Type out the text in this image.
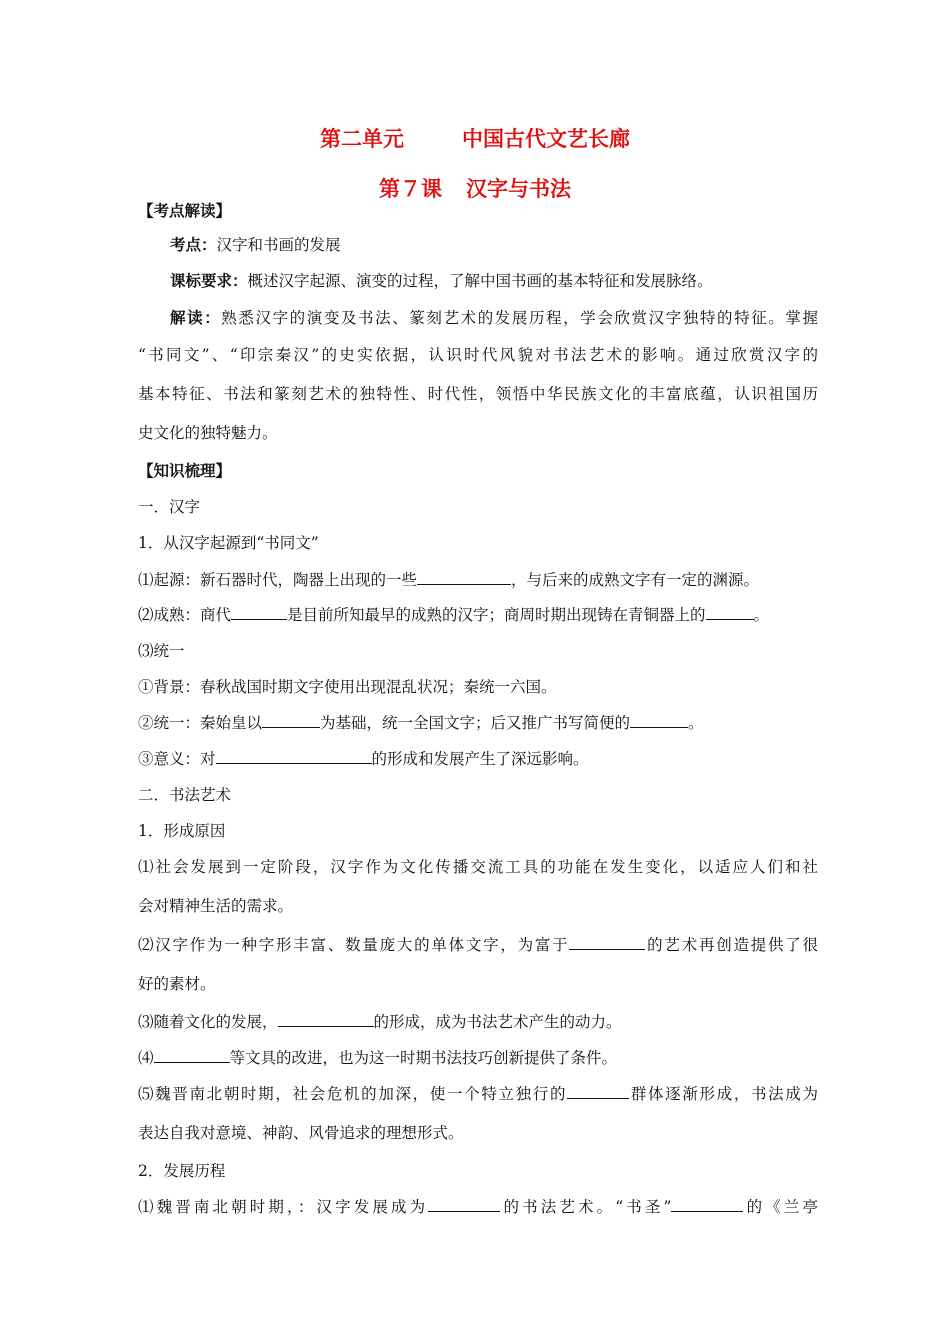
第二单元	中国古代文艺长廊
第７课 汉字与书法
【考点解读】
考点：汉字和书画的发展
课标要求：概述汉字起源、演变的过程，了解中国书画的基本特征和发展脉络。
解读：熟悉汉字的演变及书法、篆刻艺术的发展历程，学会欣赏汉字独特的特征。掌握
“书同文”、“印宗秦汉”的史实依据，认识时代风貌对书法艺术的影响。通过欣赏汉字的
基本特征、书法和篆刻艺术的独特性、时代性，领悟中华民族文化的丰富底蕴，认识祖国历
史文化的独特魅力。
【知识梳理】
一．汉字
1．从汉字起源到“书同文”
⑴起源：新石器时代，陶器上出现的一些	，与后来的成熟文字有一定的渊源。
⑵成熟：商代	是目前所知最早的成熟的汉字；商周时期出现铸在青铜器上的	。
⑶统一
①背景：春秋战国时期文字使用出现混乱状况；秦统一六国。
②统一：秦始皇以	为基础，统一全国文字；后又推广书写简便的	。
③意义：对	的形成和发展产生了深远影响。
二．书法艺术
1．形成原因
⑴社会发展到一定阶段，汉字作为文化传播交流工具的功能在发生变化，以适应人们和社
会对精神生活的需求。
⑵汉字作为一种字形丰富、数量庞大的单体文字，为富于	的艺术再创造提供了很
好的素材。
⑶随着文化的发展，	的形成，成为书法艺术产生的动力。
⑷	等文具的改进，也为这一时期书法技巧创新提供了条件。
⑸魏晋南北朝时期，社会危机的加深，使一个特立独行的	群体逐渐形成，书法成为
表达自我对意境、神韵、风骨追求的理想形式。
2．发展历程
⑴魏晋南北朝时期，：汉字发展成为	的书法艺术。“书圣”	的《兰亭
